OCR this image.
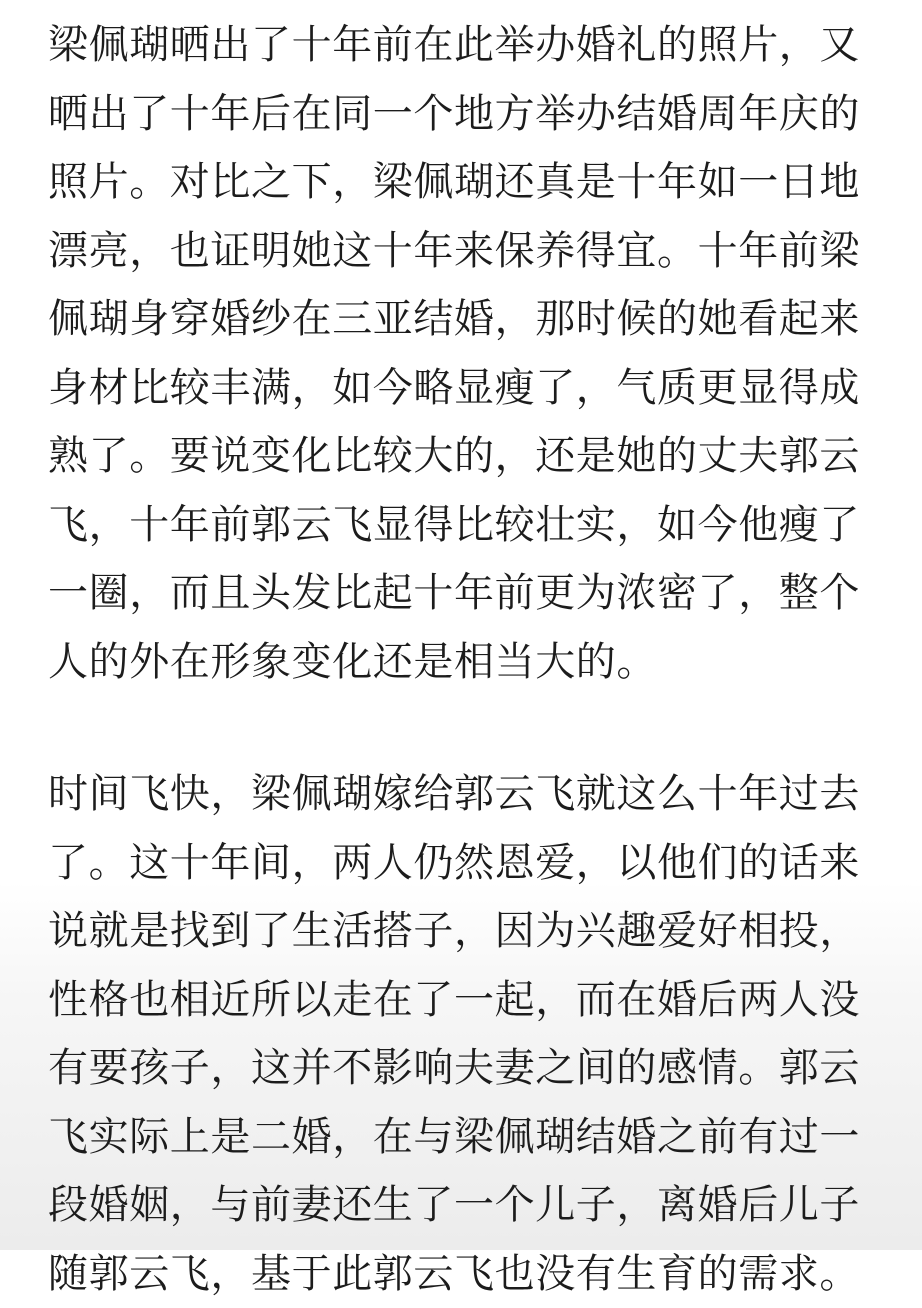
梁佩瑚晒出了十年前在此举办婚礼的照片，又
晒出了十年后在同一个地方举办结婚周年庆的
照片。对比之下，梁佩瑚还真是十年如一日地
漂亮，也证明她这十年来保养得宜。十年前梁
佩瑚身穿婚纱在三亚结婚，那时候的她看起来
身材比较丰满，如今略显瘦了，气质更显得成
熟了。要说变化比较大的，还是她的丈夫郭云
飞，十年前郭云飞显得比较壮实，如今他瘦了
一圈，而且头发比起十年前更为浓密了，整个
人的外在形象变化还是相当大的。

时间飞快，梁佩瑚嫁给郭云飞就这么十年过去
了。这十年间，两人仍然恩爱，以他们的话来
说就是找到了生活搭子，因为兴趣爱好相投，
性格也相近所以走在了一起，而在婚后两人没
有要孩子，这并不影响夫妻之间的感情。郭云
飞实际上是二婚，在与梁佩瑚结婚之前有过一
段婚姻，与前妻还生了一个儿子，离婚后儿子
随郭云飞，基于此郭云飞也没有生育的需求。
